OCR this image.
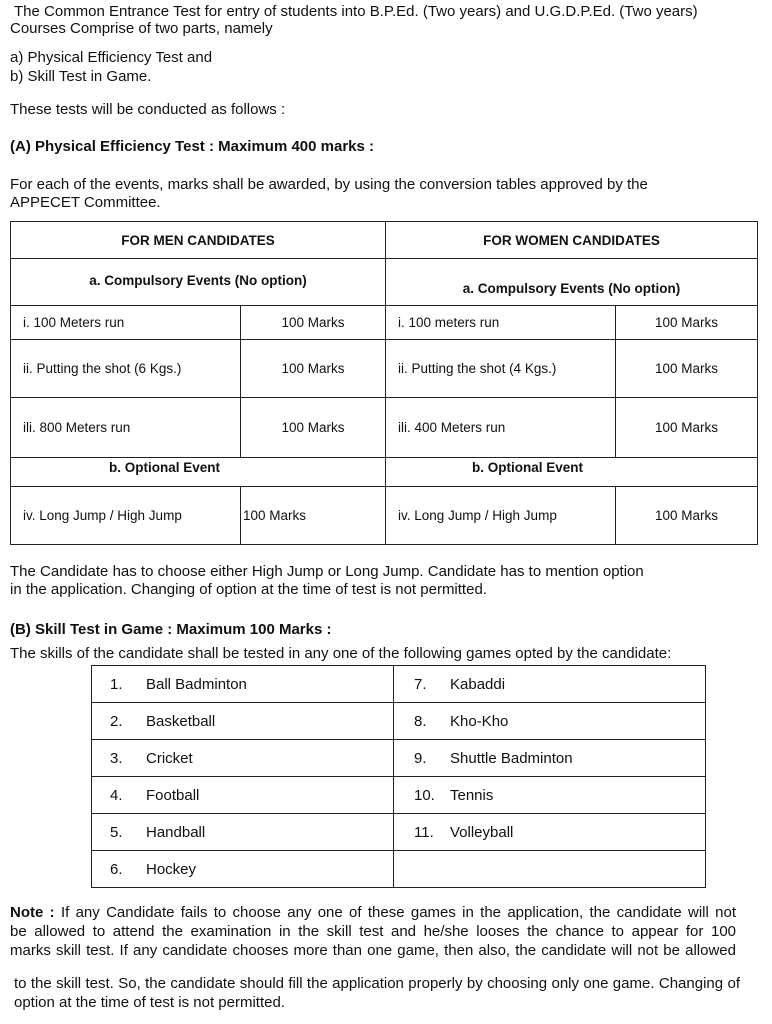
The Common Entrance Test for entry of students into B.P.Ed. (Two years) and U.G.D.P.Ed. (Two years)

Courses Comprise of two parts, namely

a) Physical Efficiency Test and

b) Skill Test in Game.

These tests will be conducted as follows :

(A) Physical Efficiency Test : Maximum 400 marks :

For each of the events, marks shall be awarded, by using the conversion tables approved by the

APPECET Committee.

FOR MEN CANDIDATES		FOR WOMEN CANDIDATES	
a. Compulsory Events (No option)		a. Compulsory Events (No option)	
i. 100 Meters run	100 Marks	i. 100 meters run	100 Marks
ii. Putting the shot (6 Kgs.)	100 Marks	ii. Putting the shot (4 Kgs.)	100 Marks
ili. 800 Meters run	100 Marks	ili. 400 Meters run	100 Marks
b. Optional Event		b. Optional Event	
iv. Long Jump / High Jump	100 Marks	iv. Long Jump / High Jump	100 Marks

The Candidate has to choose either High Jump or Long Jump. Candidate has to mention option

in the application. Changing of option at the time of test is not permitted.

(B) Skill Test in Game : Maximum 100 Marks :

The skills of the candidate shall be tested in any one of the following games opted by the candidate:

1. Ball Badminton	7. Kabaddi
2. Basketball	8. Kho-Kho
3. Cricket	9. Shuttle Badminton
4. Football	10. Tennis
5. Handball	11. Volleyball
6. Hockey	

Note : If any Candidate fails to choose any one of these games in the application, the candidate will not

be allowed to attend the examination in the skill test and he/she looses the chance to appear for 100

marks skill test. If any candidate chooses more than one game, then also, the candidate will not be allowed

to the skill test. So, the candidate should fill the application properly by choosing only one game. Changing of

option at the time of test is not permitted.
